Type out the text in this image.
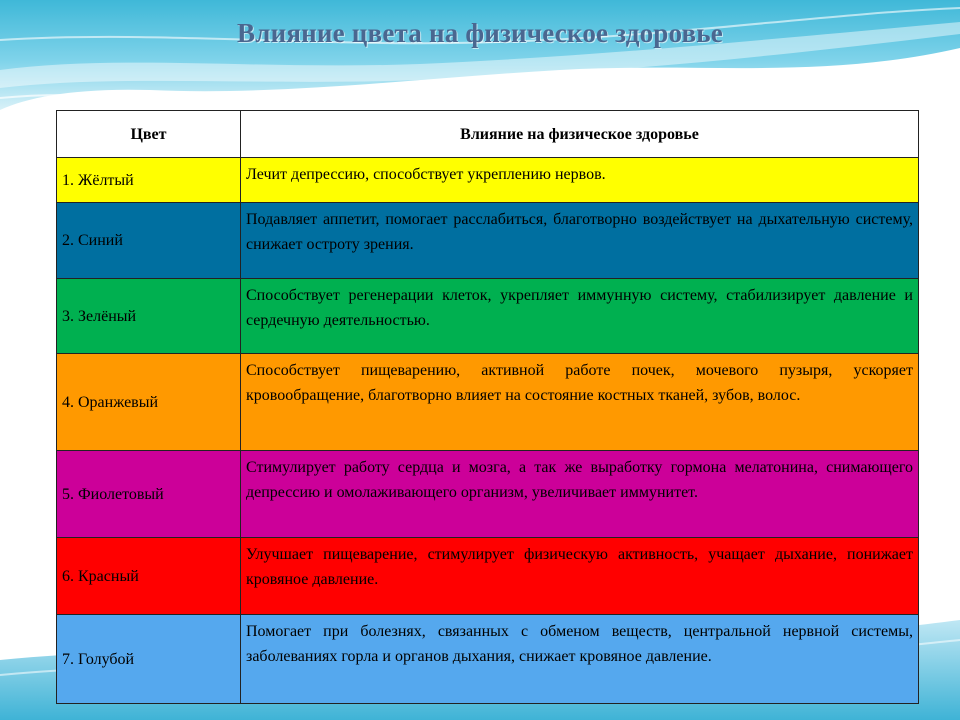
Влияние цвета на физическое здоровье
Цвет	Влияние на физическое здоровье
1. Жёлтый	Лечит депрессию, способствует укреплению нервов.
2. Синий	Подавляет аппетит, помогает расслабиться, благотворно воздействует на дыхательную систему, снижает остроту зрения.
3. Зелёный	Способствует регенерации клеток, укрепляет иммунную систему, стабилизирует давление и сердечную деятельностью.
4. Оранжевый	Способствует пищеварению, активной работе почек, мочевого пузыря, ускоряет кровообращение, благотворно влияет на состояние костных тканей, зубов, волос.
5. Фиолетовый	Стимулирует работу сердца и мозга, а так же выработку гормона мелатонина, снимающего депрессию и омолаживающего организм, увеличивает иммунитет.
6. Красный	Улучшает пищеварение, стимулирует физическую активность, учащает дыхание, понижает кровяное давление.
7. Голубой	Помогает при болезнях, связанных с обменом веществ, центральной нервной системы, заболеваниях горла и органов дыхания, снижает кровяное давление.
